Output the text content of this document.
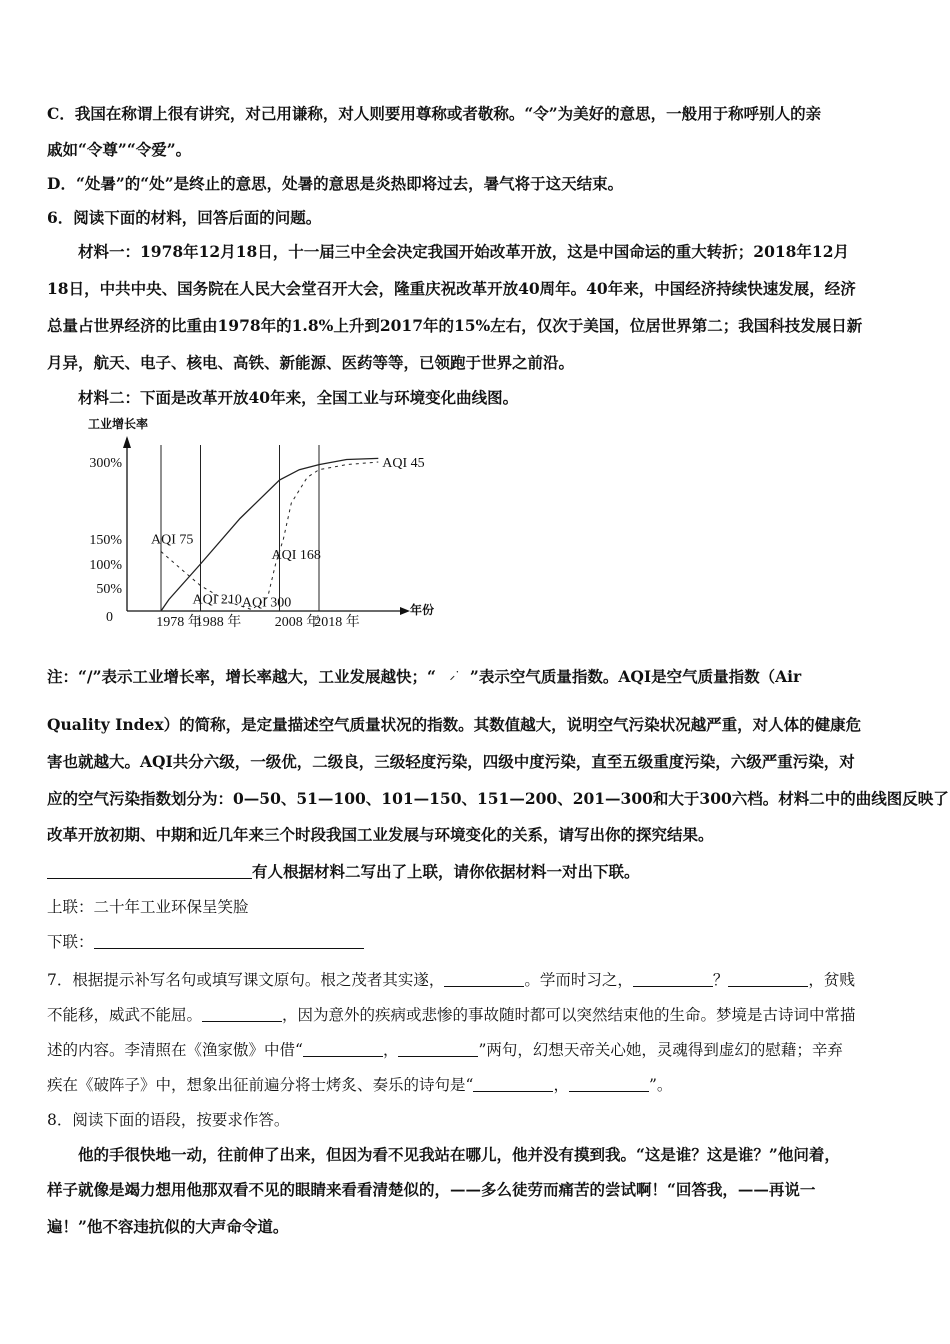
C．我国在称谓上很有讲究，对己用谦称，对人则要用尊称或者敬称。“令”为美好的意思，一般用于称呼别人的亲
戚如“令尊”“令爱”。
D．“处暑”的“处”是终止的意思，处暑的意思是炎热即将过去，暑气将于这天结束。
6．阅读下面的材料，回答后面的问题。
材料一：1978年12月18日，十一届三中全会决定我国开始改革开放，这是中国命运的重大转折；2018年12月
18日，中共中央、国务院在人民大会堂召开大会，隆重庆祝改革开放40周年。40年来，中国经济持续快速发展，经济
总量占世界经济的比重由1978年的1.8%上升到2017年的15%左右，仅次于美国，位居世界第二；我国科技发展日新
月异，航天、电子、核电、高铁、新能源、医药等等，已领跑于世界之前沿。
材料二：下面是改革开放40年来，全国工业与环境变化曲线图。
工业增长率
年份
0
50%
100%
150%
300%
1978 年
1988 年 2008 年
2018 年
AQI 75
AQI 210 AQI 300
AQI 168
AQI 45
注：“/”表示工业增长率，增长率越大，工业发展越快；“ ⸝˙ ”表示空气质量指数。AQI是空气质量指数（Air
Quality Index）的简称，是定量描述空气质量状况的指数。其数值越大，说明空气污染状况越严重，对人体的健康危
害也就越大。AQI共分六级，一级优，二级良，三级轻度污染，四级中度污染，直至五级重度污染，六级严重污染，对
应的空气污染指数划分为：0—50、51—100、101—150、151—200、201—300和大于300六档。材料二中的曲线图反映了
改革开放初期、中期和近几年来三个时段我国工业发展与环境变化的关系，请写出你的探究结果。
有人根据材料二写出了上联，请你依据材料一对出下联。
上联：二十年工业环保呈笑脸
下联：
7．根据提示补写名句或填写课文原句。根之茂者其实遂，	。学而时习之，	？	，贫贱
不能移，威武不能屈。	，因为意外的疾病或悲惨的事故随时都可以突然结束他的生命。梦境是古诗词中常描
述的内容。李清照在《渔家傲》中借“	，	”两句，幻想天帝关心她，灵魂得到虚幻的慰藉；辛弃
疾在《破阵子》中，想象出征前遍分将士烤炙、奏乐的诗句是“	，	”。
8．阅读下面的语段，按要求作答。
他的手很快地一动，往前伸了出来，但因为看不见我站在哪儿，他并没有摸到我。“这是谁？这是谁？”他问着，
样子就像是竭力想用他那双看不见的眼睛来看看清楚似的，——多么徒劳而痛苦的尝试啊！“回答我，——再说一
遍！”他不容违抗似的大声命令道。
